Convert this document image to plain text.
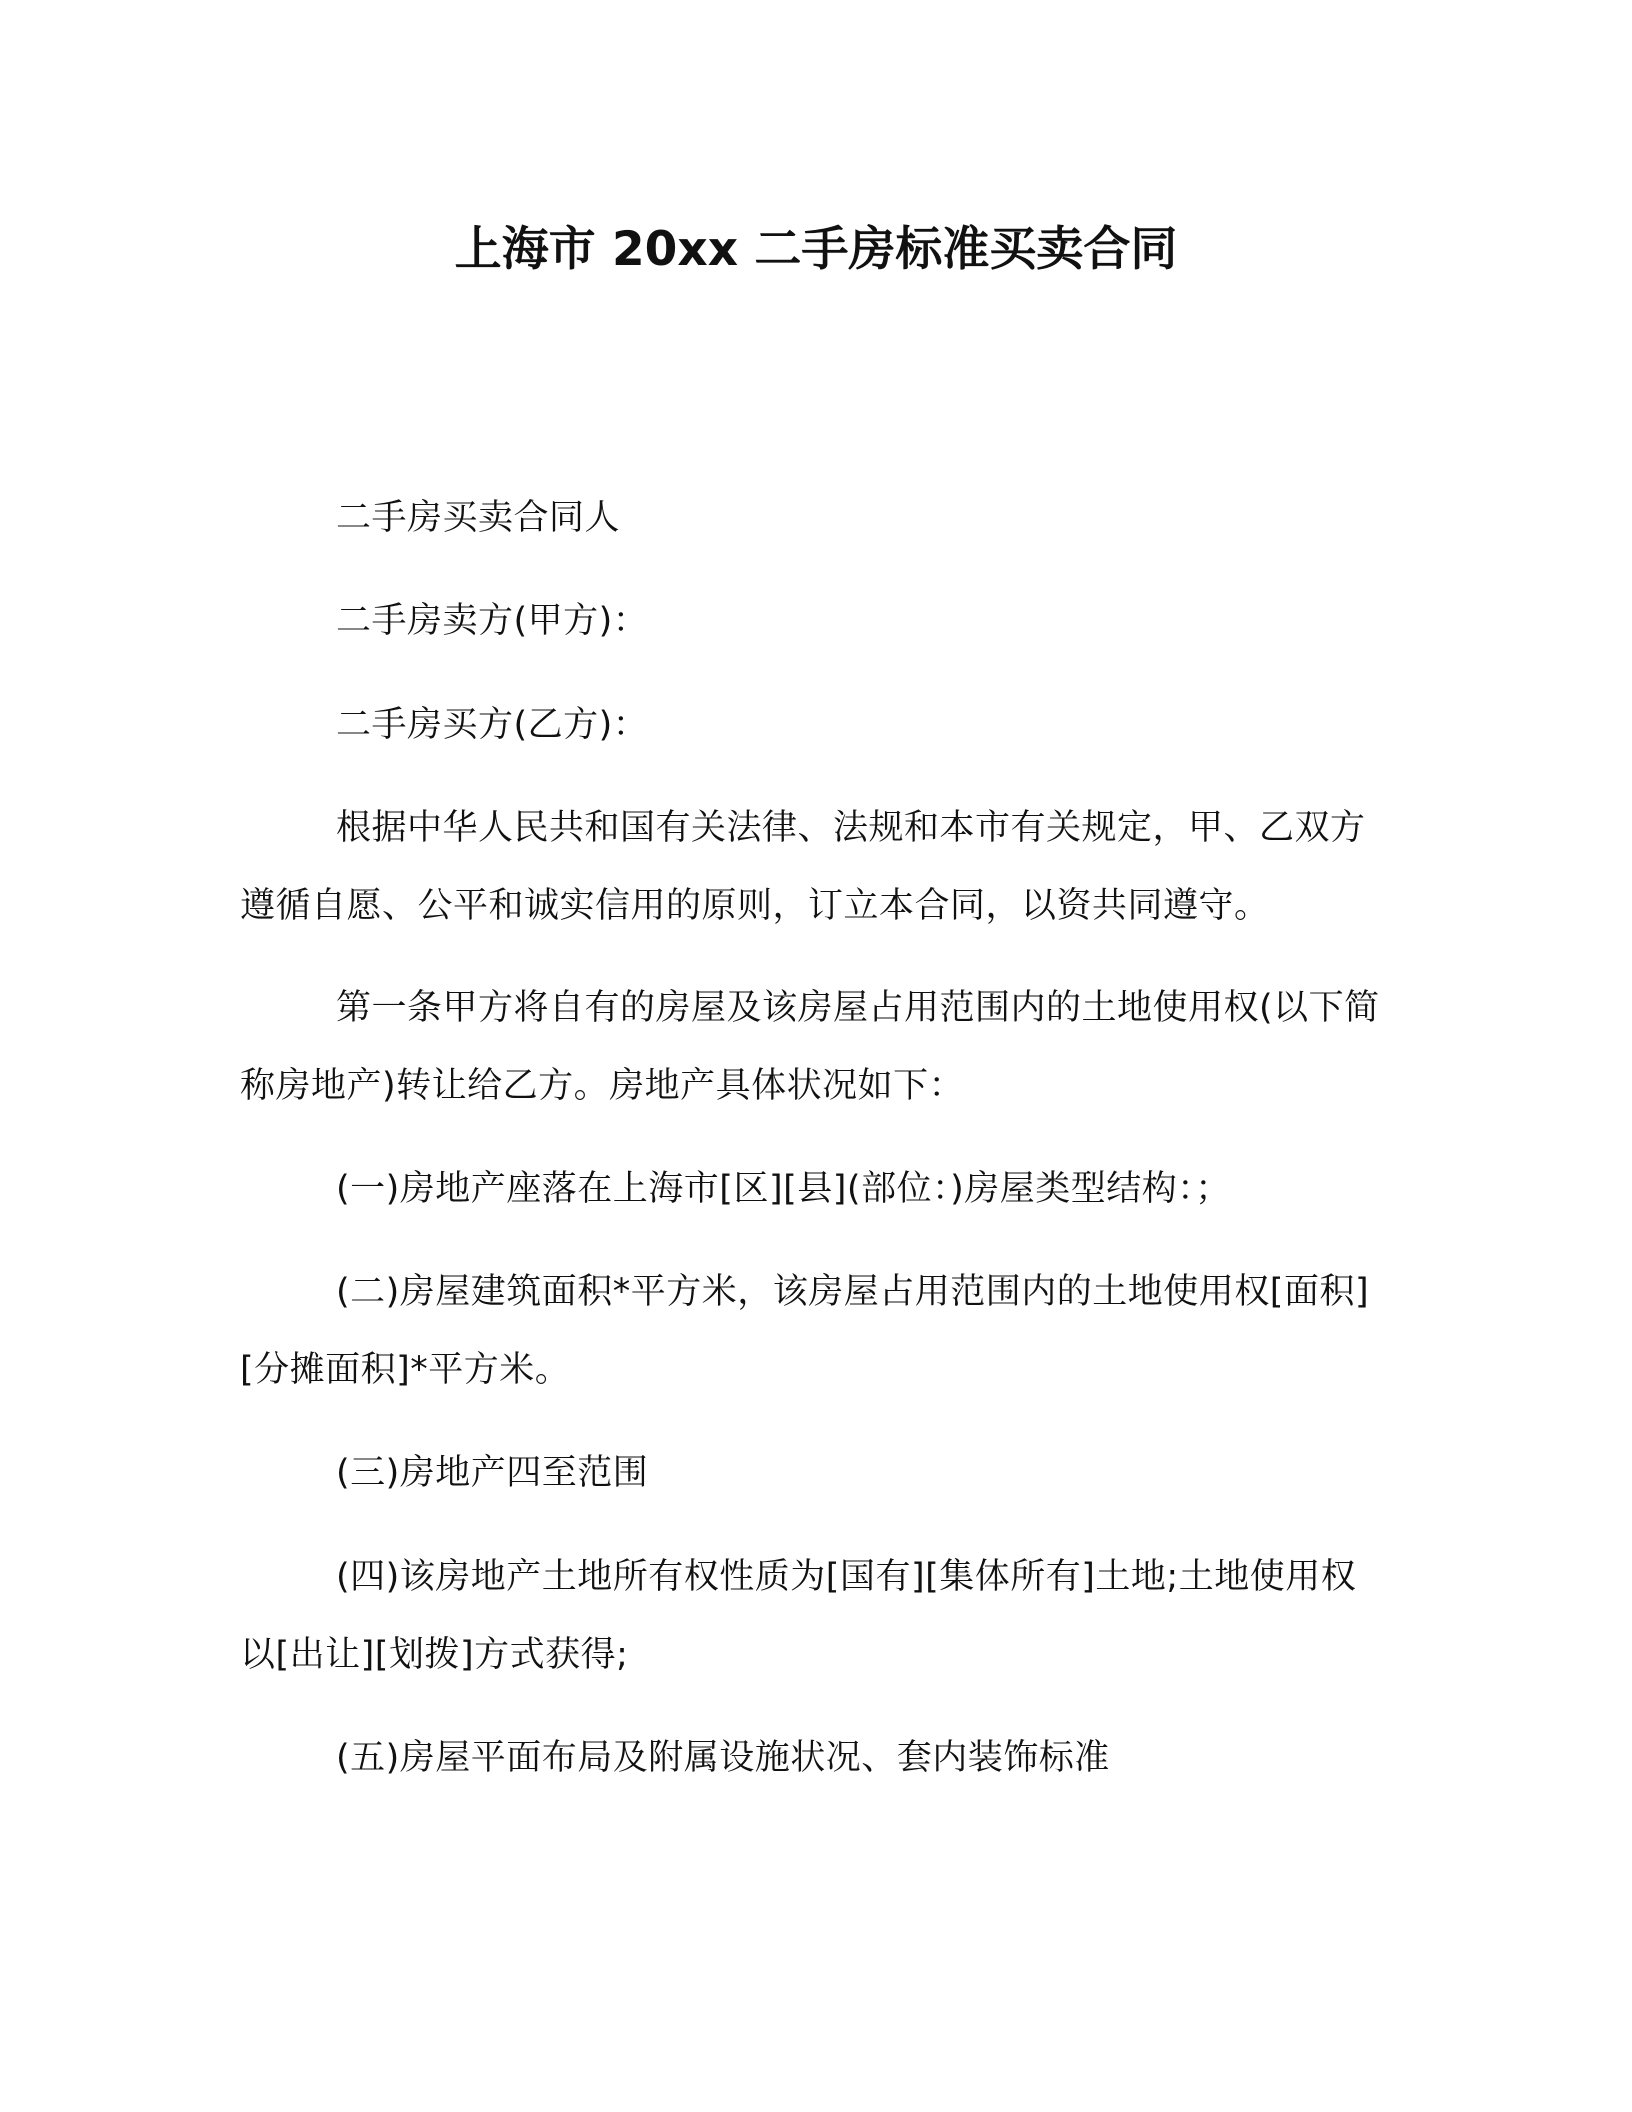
上海市 20xx 二手房标准买卖合同

二手房买卖合同人

二手房卖方(甲方)：

二手房买方(乙方)：

根据中华人民共和国有关法律、法规和本市有关规定，甲、乙双方遵循自愿、公平和诚实信用的原则，订立本合同，以资共同遵守。

第一条甲方将自有的房屋及该房屋占用范围内的土地使用权(以下简称房地产)转让给乙方。房地产具体状况如下：

(一)房地产座落在上海市[区][县](部位：)房屋类型结构：；

(二)房屋建筑面积*平方米，该房屋占用范围内的土地使用权[面积][分摊面积]*平方米。

(三)房地产四至范围

(四)该房地产土地所有权性质为[国有][集体所有]土地;土地使用权以[出让][划拨]方式获得;

(五)房屋平面布局及附属设施状况、套内装饰标准
